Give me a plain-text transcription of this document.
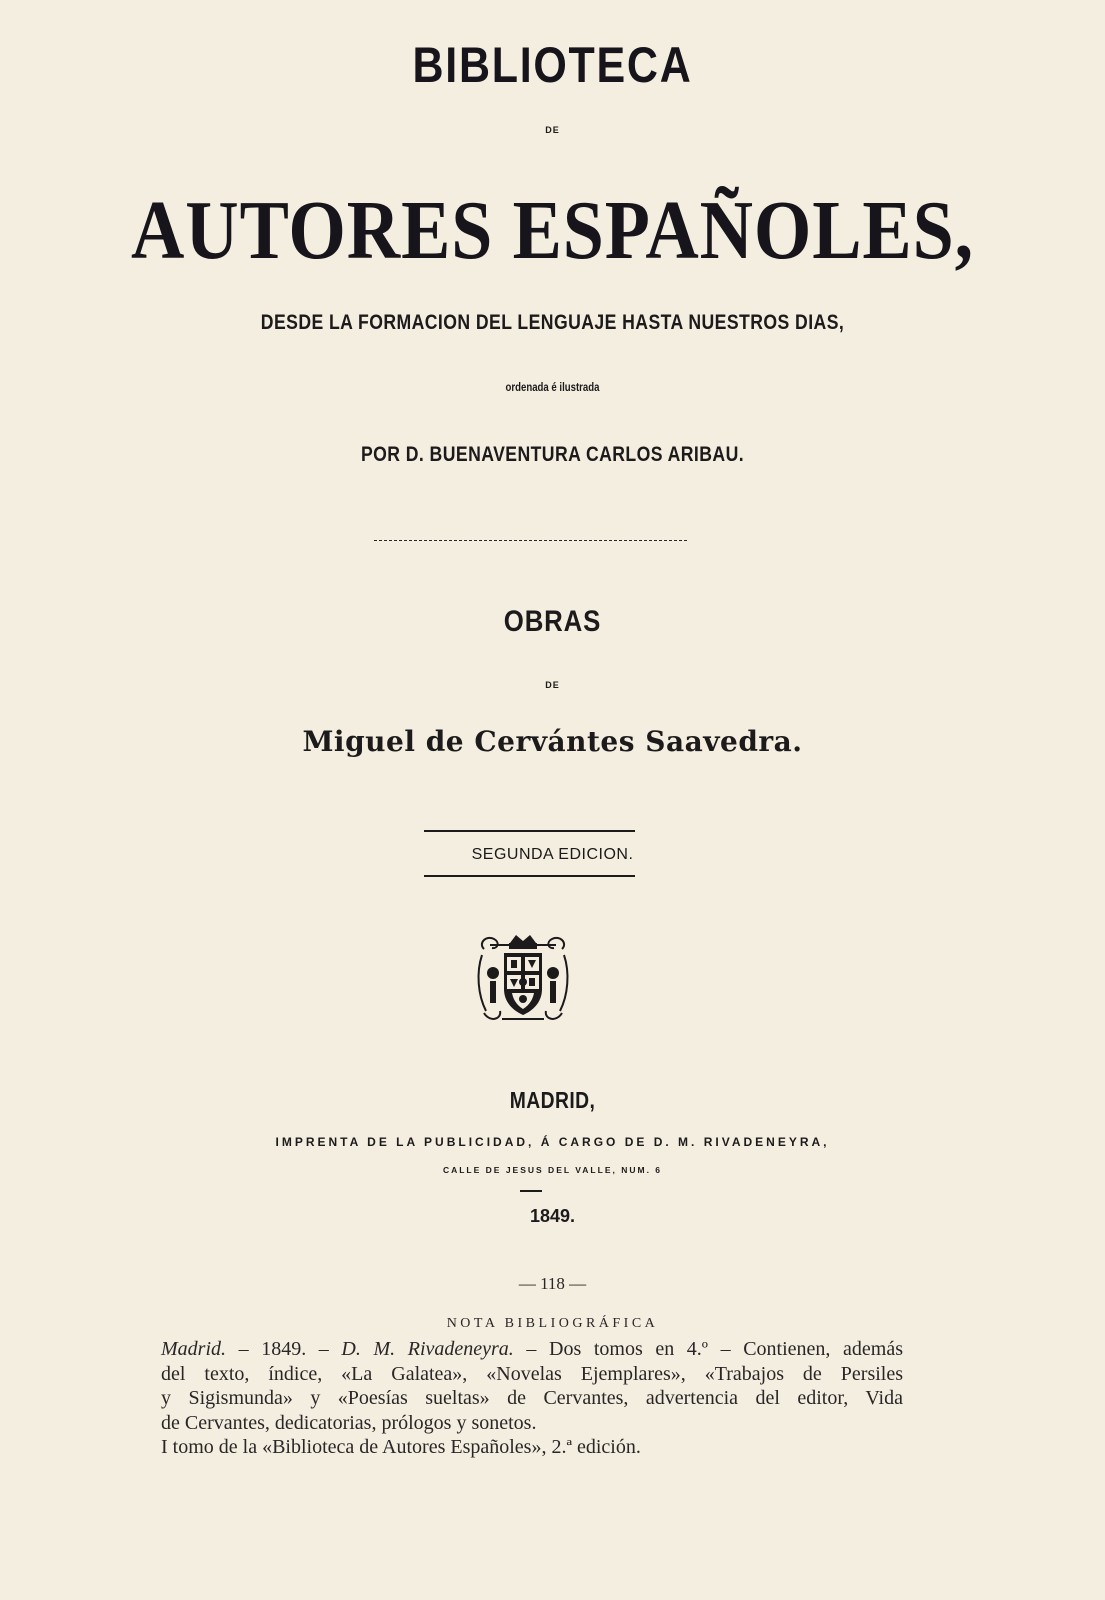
BIBLIOTECA
DE
AUTORES ESPAÑOLES,
DESDE LA FORMACION DEL LENGUAJE HASTA NUESTROS DIAS,
ordenada é ilustrada
POR D. BUENAVENTURA CARLOS ARIBAU.
OBRAS
DE
Miguel de Cervántes Saavedra.
SEGUNDA EDICION.
MADRID,
IMPRENTA DE LA PUBLICIDAD, Á CARGO DE D. M. RIVADENEYRA,
CALLE DE JESUS DEL VALLE, NUM. 6
1849.
— 118 —
NOTA BIBLIOGRÁFICA
Madrid. – 1849. – D. M. Rivadeneyra. – Dos tomos en 4.º – Contienen, además
del texto, índice, «La Galatea», «Novelas Ejemplares», «Trabajos de Persiles
y Sigismunda» y «Poesías sueltas» de Cervantes, advertencia del editor, Vida
de Cervantes, dedicatorias, prólogos y sonetos.
I tomo de la «Biblioteca de Autores Españoles», 2.ª edición.
